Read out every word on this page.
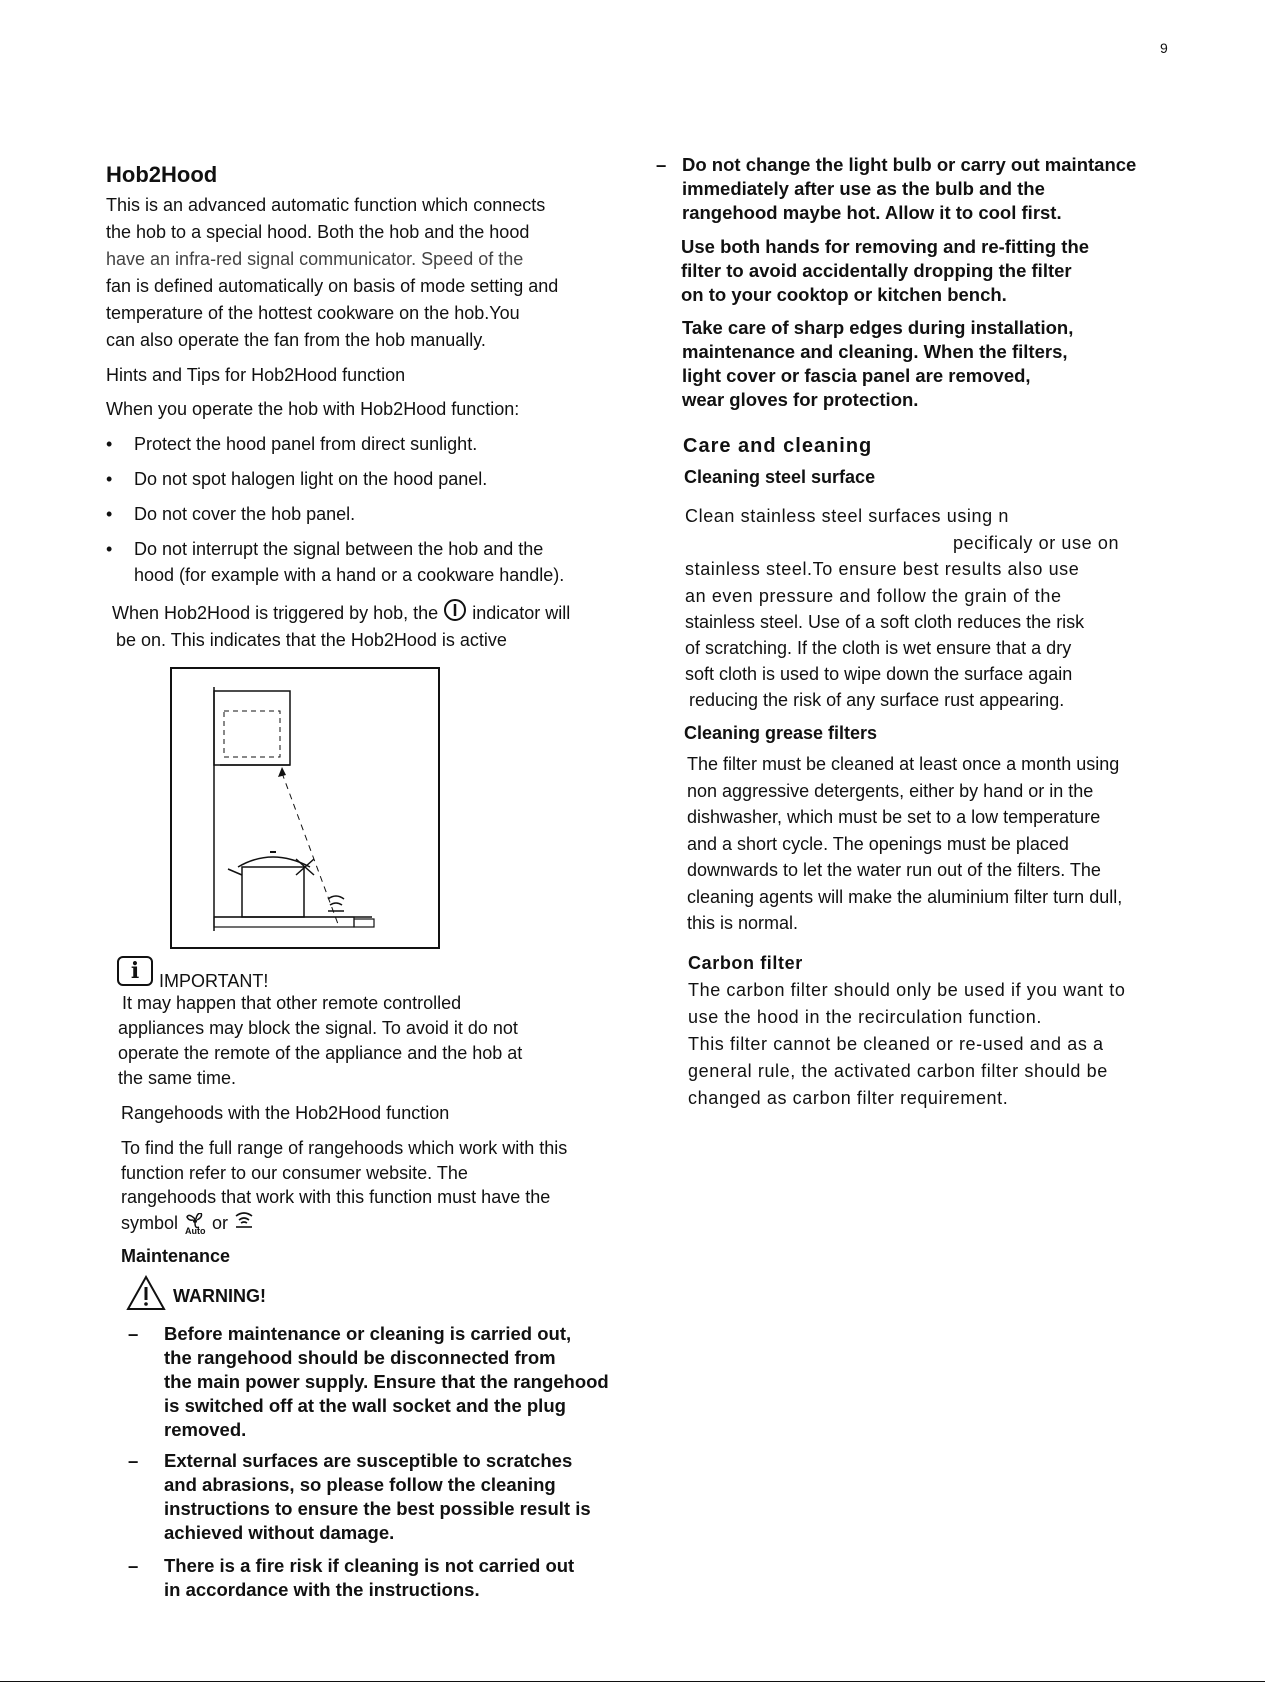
9
Hob2Hood
This is an advanced automatic function which connects
the hob to a special hood. Both the hob and the hood
have an infra-red signal communicator. Speed of the
fan is defined automatically on basis of mode setting and
temperature of the hottest cookware on the hob.You
can also operate the fan from the hob manually.
Hints and Tips for Hob2Hood function
When you operate the hob with Hob2Hood function:
• Protect the hood panel from direct sunlight.
• Do not spot halogen light on the hood panel.
• Do not cover the hob panel.
• Do not interrupt the signal between the hob and the
hood (for example with a hand or a cookware handle).
When Hob2Hood is triggered by hob, the indicator will
be on. This indicates that the Hob2Hood is active
i	IMPORTANT!
It may happen that other remote controlled
appliances may block the signal. To avoid it do not
operate the remote of the appliance and the hob at
the same time.
Rangehoods with the Hob2Hood function
To find the full range of rangehoods which work with this
function refer to our consumer website. The
rangehoods that work with this function must have the
symbol Auto or
Maintenance
WARNING!
– Before maintenance or cleaning is carried out,
the rangehood should be disconnected from
the main power supply. Ensure that the rangehood
is switched off at the wall socket and the plug
removed.
– External surfaces are susceptible to scratches
and abrasions, so please follow the cleaning
instructions to ensure the best possible result is
achieved without damage.
– There is a fire risk if cleaning is not carried out
in accordance with the instructions.
– Do not change the light bulb or carry out maintance
immediately after use as the bulb and the
rangehood maybe hot. Allow it to cool first.
Use both hands for removing and re-fitting the
filter to avoid accidentally dropping the filter
on to your cooktop or kitchen bench.
Take care of sharp edges during installation,
maintenance and cleaning. When the filters,
light cover or fascia panel are removed,
wear gloves for protection.
Care and cleaning
Cleaning steel surface
Clean stainless steel surfaces using n
pecificaly or use on
stainless steel.To ensure best results also use
an even pressure and follow the grain of the
stainless steel. Use of a soft cloth reduces the risk
of scratching. If the cloth is wet ensure that a dry
soft cloth is used to wipe down the surface again
reducing the risk of any surface rust appearing.
Cleaning grease filters
The filter must be cleaned at least once a month using
non aggressive detergents, either by hand or in the
dishwasher, which must be set to a low temperature
and a short cycle. The openings must be placed
downwards to let the water run out of the filters. The
cleaning agents will make the aluminium filter turn dull,
this is normal.
Carbon filter
The carbon filter should only be used if you want to
use the hood in the recirculation function.
This filter cannot be cleaned or re-used and as a
general rule, the activated carbon filter should be
changed as carbon filter requirement.
